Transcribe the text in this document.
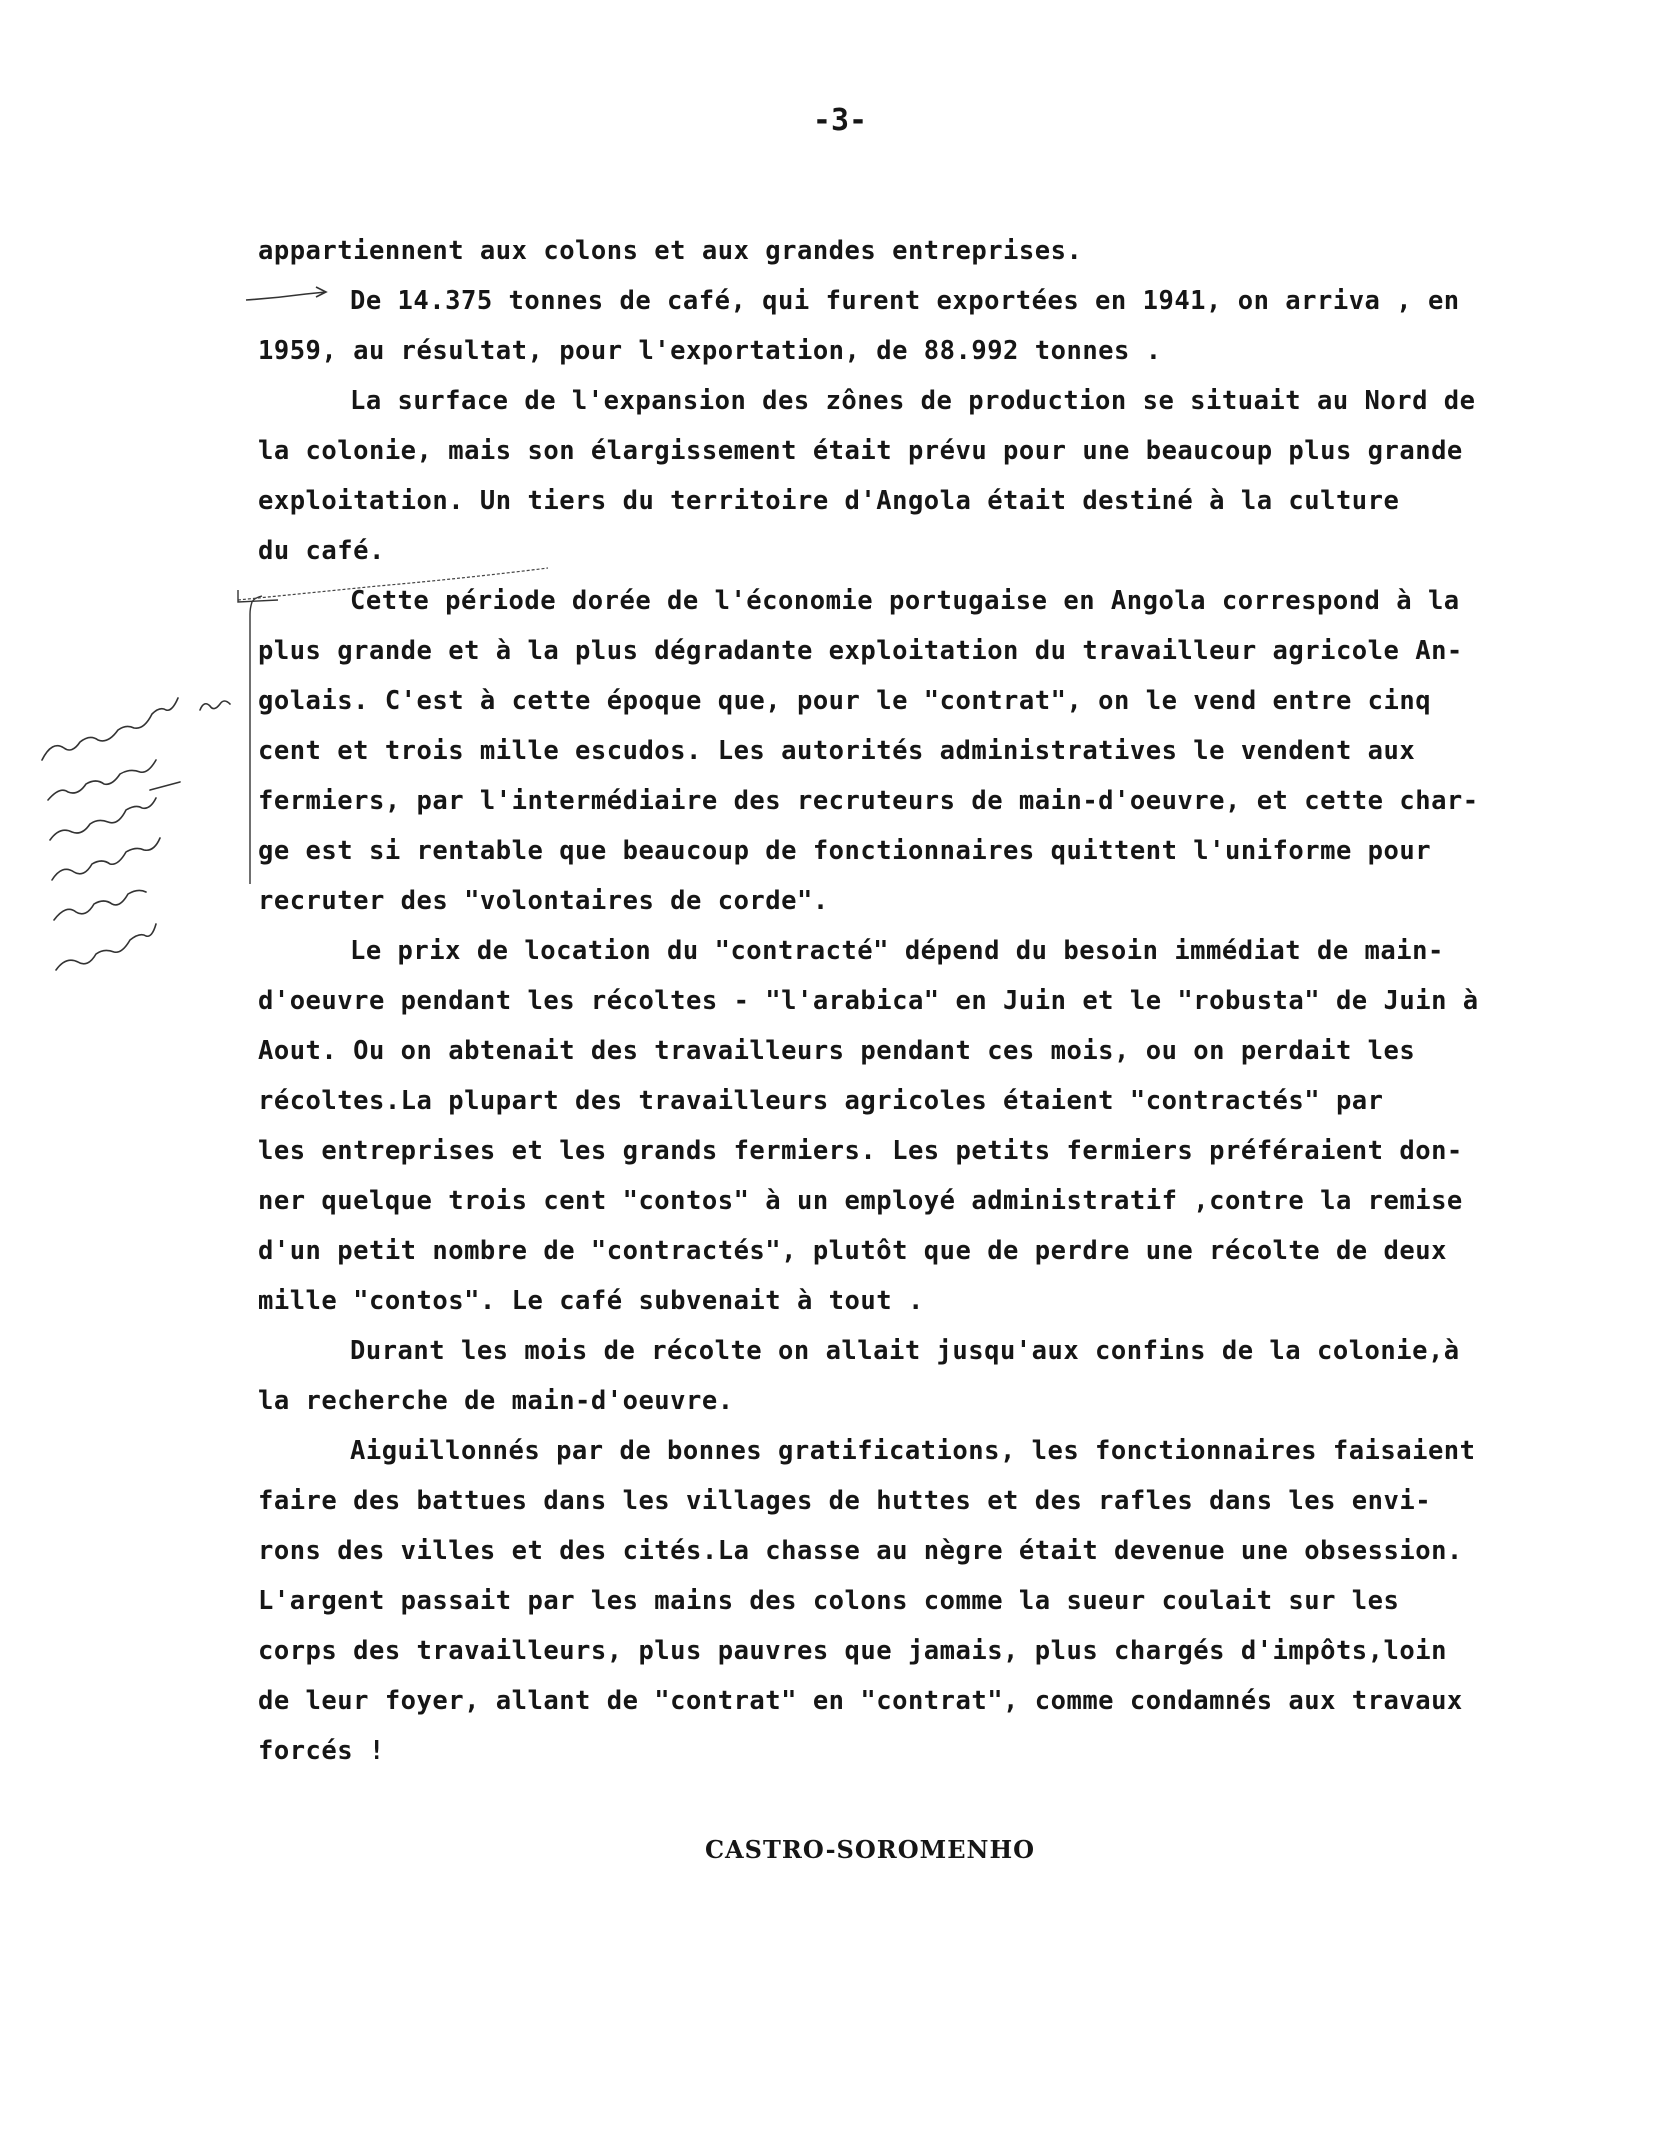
-3-
appartiennent aux colons et aux grandes entreprises.
De 14.375 tonnes de café, qui furent exportées en 1941, on arriva , en
1959, au résultat, pour l'exportation, de 88.992 tonnes .
La surface de l'expansion des zônes de production se situait au Nord de
la colonie, mais son élargissement était prévu pour une beaucoup plus grande
exploitation. Un tiers du territoire d'Angola était destiné à la culture
du café.
Cette période dorée de l'économie portugaise en Angola correspond à la
plus grande et à la plus dégradante exploitation du travailleur agricole An-
golais. C'est à cette époque que, pour le "contrat", on le vend entre cinq
cent et trois mille escudos. Les autorités administratives le vendent aux
fermiers, par l'intermédiaire des recruteurs de main-d'oeuvre, et cette char-
ge est si rentable que beaucoup de fonctionnaires quittent l'uniforme pour
recruter des "volontaires de corde".
Le prix de location du "contracté" dépend du besoin immédiat de main-
d'oeuvre pendant les récoltes - "l'arabica" en Juin et le "robusta" de Juin à
Aout. Ou on abtenait des travailleurs pendant ces mois, ou on perdait les
récoltes.La plupart des travailleurs agricoles étaient "contractés" par
les entreprises et les grands fermiers. Les petits fermiers préféraient don-
ner quelque trois cent "contos" à un employé administratif ,contre la remise
d'un petit nombre de "contractés", plutôt que de perdre une récolte de deux
mille "contos". Le café subvenait à tout .
Durant les mois de récolte on allait jusqu'aux confins de la colonie,à
la recherche de main-d'oeuvre.
Aiguillonnés par de bonnes gratifications, les fonctionnaires faisaient
faire des battues dans les villages de huttes et des rafles dans les envi-
rons des villes et des cités.La chasse au nègre était devenue une obsession.
L'argent passait par les mains des colons comme la sueur coulait sur les
corps des travailleurs, plus pauvres que jamais, plus chargés d'impôts,loin
de leur foyer, allant de "contrat" en "contrat", comme condamnés aux travaux
forcés !
CASTRO-SOROMENHO
